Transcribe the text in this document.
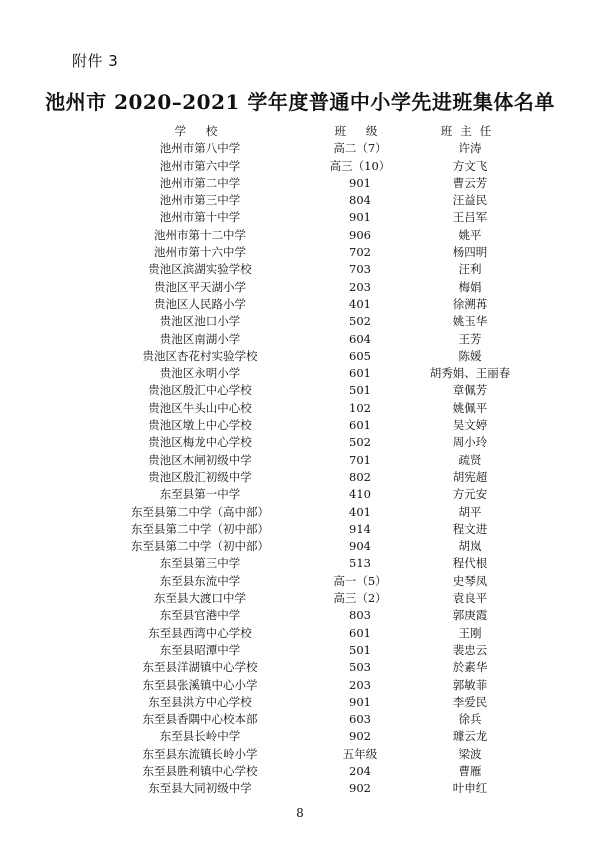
附件 3
池州市 2020–2021 学年度普通中小学先进班集体名单
学 校	班 级	班主任
池州市第八中学	高二（7）	许涛
池州市第六中学	高三（10）	方文飞
池州市第二中学	901	曹云芳
池州市第三中学	804	汪益民
池州市第十中学	901	王吕军
池州市第十二中学	906	姚平
池州市第十六中学	702	杨四明
贵池区滨湖实验学校	703	汪利
贵池区平天湖小学	203	梅娟
贵池区人民路小学	401	徐溯苒
贵池区池口小学	502	姚玉华
贵池区南湖小学	604	王芳
贵池区杏花村实验学校	605	陈媛
贵池区永明小学	601	胡秀娟、王丽春
贵池区殷汇中心学校	501	章佩芳
贵池区牛头山中心校	102	姚佩平
贵池区墩上中心学校	601	吴文婷
贵池区梅龙中心学校	502	周小玲
贵池区木闸初级中学	701	疏贤
贵池区殷汇初级中学	802	胡宪超
东至县第一中学	410	方元安
东至县第二中学（高中部）	401	胡平
东至县第二中学（初中部）	914	程文进
东至县第二中学（初中部）	904	胡岚
东至县第三中学	513	程代根
东至县东流中学	高一（5）	史琴凤
东至县大渡口中学	高三（2）	袁良平
东至县官港中学	803	郭庚霞
东至县西湾中心学校	601	王刚
东至县昭潭中学	501	裴忠云
东至县洋湖镇中心学校	503	於素华
东至县张溪镇中心小学	203	郭敏菲
东至县洪方中心学校	901	李爱民
东至县香隅中心校本部	603	徐兵
东至县长岭中学	902	璩云龙
东至县东流镇长岭小学	五年级	梁波
东至县胜利镇中心学校	204	曹雁
东至县大同初级中学	902	叶申红
8
